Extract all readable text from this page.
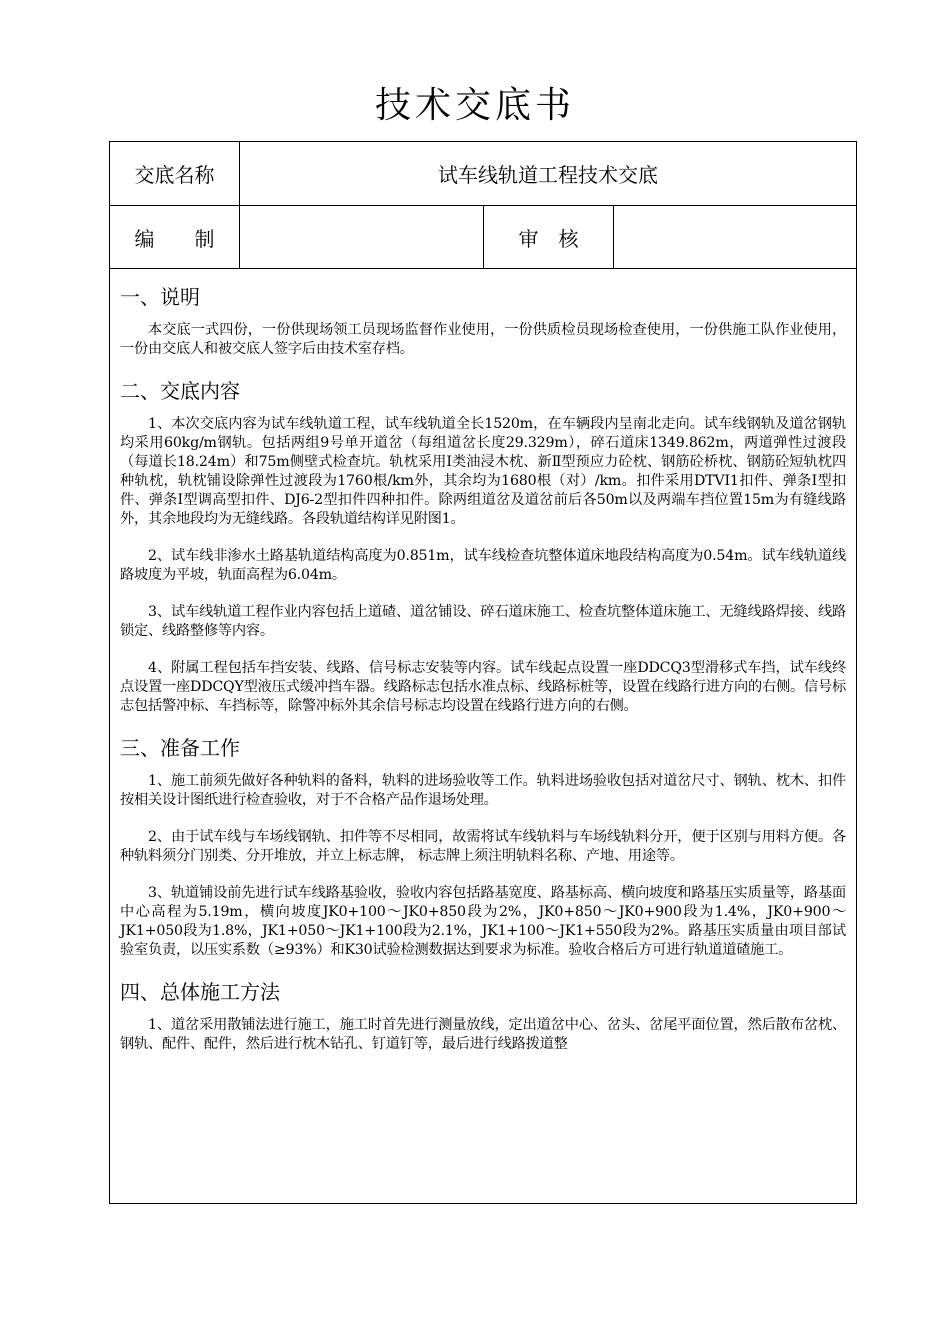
技术交底书
交底名称	试车线轨道工程技术交底
编　　制	审　核
一、说明

本交底一式四份，一份供现场领工员现场监督作业使用，一份供质检员现场检查使用，一份供施工队作业使用，一份由交底人和被交底人签字后由技术室存档。

二、交底内容

1、本次交底内容为试车线轨道工程，试车线轨道全长1520m，在车辆段内呈南北走向。试车线钢轨及道岔钢轨均采用60kg/m钢轨。包括两组9号单开道岔（每组道岔长度29.329m），碎石道床1349.862m，两道弹性过渡段（每道长18.24m）和75m侧壁式检查坑。轨枕采用Ⅰ类油浸木枕、新Ⅱ型预应力砼枕、钢筋砼桥枕、钢筋砼短轨枕四种轨枕，轨枕铺设除弹性过渡段为1760根/km外，其余均为1680根（对）/km。扣件采用DTVI1扣件、弹条Ⅰ型扣件、弹条Ⅰ型调高型扣件、DJ6-2型扣件四种扣件。除两组道岔及道岔前后各50m以及两端车挡位置15m为有缝线路外，其余地段均为无缝线路。各段轨道结构详见附图1。

2、试车线非渗水土路基轨道结构高度为0.851m，试车线检查坑整体道床地段结构高度为0.54m。试车线轨道线路坡度为平坡，轨面高程为6.04m。

3、试车线轨道工程作业内容包括上道碴、道岔铺设、碎石道床施工、检查坑整体道床施工、无缝线路焊接、线路锁定、线路整修等内容。

4、附属工程包括车挡安装、线路、信号标志安装等内容。试车线起点设置一座DDCQ3型滑移式车挡，试车线终点设置一座DDCQY型液压式缓冲挡车器。线路标志包括水准点标、线路标桩等，设置在线路行进方向的右侧。信号标志包括警冲标、车挡标等，除警冲标外其余信号标志均设置在线路行进方向的右侧。

三、准备工作

1、施工前须先做好各种轨料的备料，轨料的进场验收等工作。轨料进场验收包括对道岔尺寸、钢轨、枕木、扣件按相关设计图纸进行检查验收，对于不合格产品作退场处理。

2、由于试车线与车场线钢轨、扣件等不尽相同，故需将试车线轨料与车场线轨料分开，便于区别与用料方便。各种轨料须分门别类、分开堆放，并立上标志牌， 标志牌上须注明轨料名称、产地、用途等。

3、轨道铺设前先进行试车线路基验收，验收内容包括路基宽度、路基标高、横向坡度和路基压实质量等，路基面中心高程为5.19m，横向坡度JK0+100～JK0+850段为2%，JK0+850～JK0+900段为1.4%，JK0+900～JK1+050段为1.8%，JK1+050～JK1+100段为2.1%，JK1+100～JK1+550段为2%。路基压实质量由项目部试验室负责，以压实系数（≥93%）和K30试验检测数据达到要求为标准。验收合格后方可进行轨道道碴施工。

四、总体施工方法

1、道岔采用散铺法进行施工，施工时首先进行测量放线，定出道岔中心、岔头、岔尾平面位置，然后散布岔枕、钢轨、配件、配件，然后进行枕木钻孔、钉道钉等，最后进行线路拨道整
